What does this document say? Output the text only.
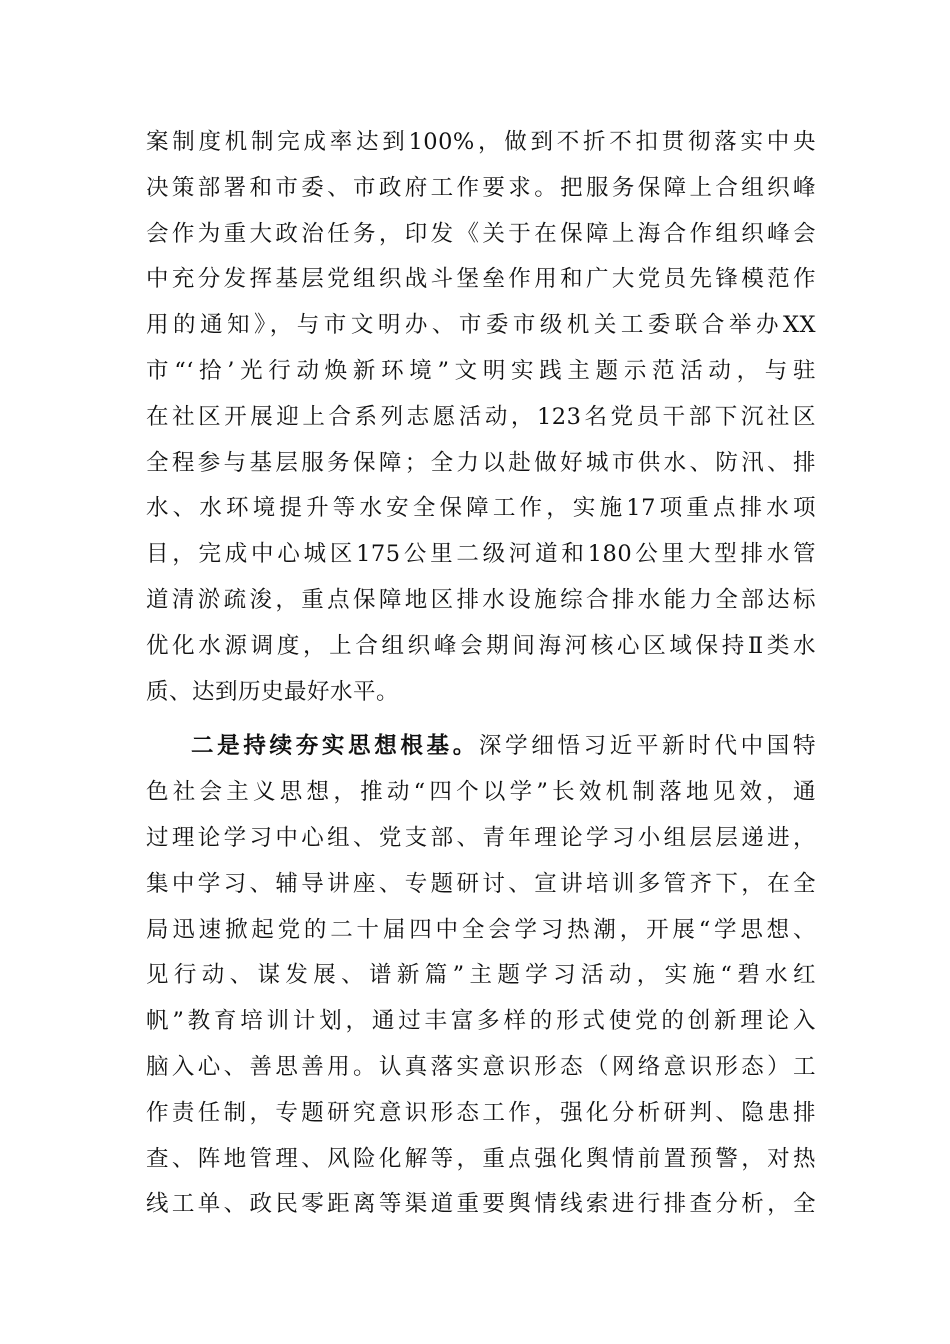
案制度机制完成率达到100%，做到不折不扣贯彻落实中央
决策部署和市委、市政府工作要求。把服务保障上合组织峰
会作为重大政治任务，印发《关于在保障上海合作组织峰会
中充分发挥基层党组织战斗堡垒作用和广大党员先锋模范作
用的通知》，与市文明办、市委市级机关工委联合举办XX
市“‘拾’光行动焕新环境”文明实践主题示范活动，与驻
在社区开展迎上合系列志愿活动，123名党员干部下沉社区
全程参与基层服务保障；全力以赴做好城市供水、防汛、排
水、水环境提升等水安全保障工作，实施17项重点排水项
目，完成中心城区175公里二级河道和180公里大型排水管
道清淤疏浚，重点保障地区排水设施综合排水能力全部达标
优化水源调度，上合组织峰会期间海河核心区域保持Ⅱ类水
质、达到历史最好水平。
二是持续夯实思想根基。深学细悟习近平新时代中国特
色社会主义思想，推动“四个以学”长效机制落地见效，通
过理论学习中心组、党支部、青年理论学习小组层层递进，
集中学习、辅导讲座、专题研讨、宣讲培训多管齐下，在全
局迅速掀起党的二十届四中全会学习热潮，开展“学思想、
见行动、谋发展、谱新篇”主题学习活动，实施“碧水红
帆”教育培训计划，通过丰富多样的形式使党的创新理论入
脑入心、善思善用。认真落实意识形态（网络意识形态）工
作责任制，专题研究意识形态工作，强化分析研判、隐患排
查、阵地管理、风险化解等，重点强化舆情前置预警，对热
线工单、政民零距离等渠道重要舆情线索进行排查分析，全
